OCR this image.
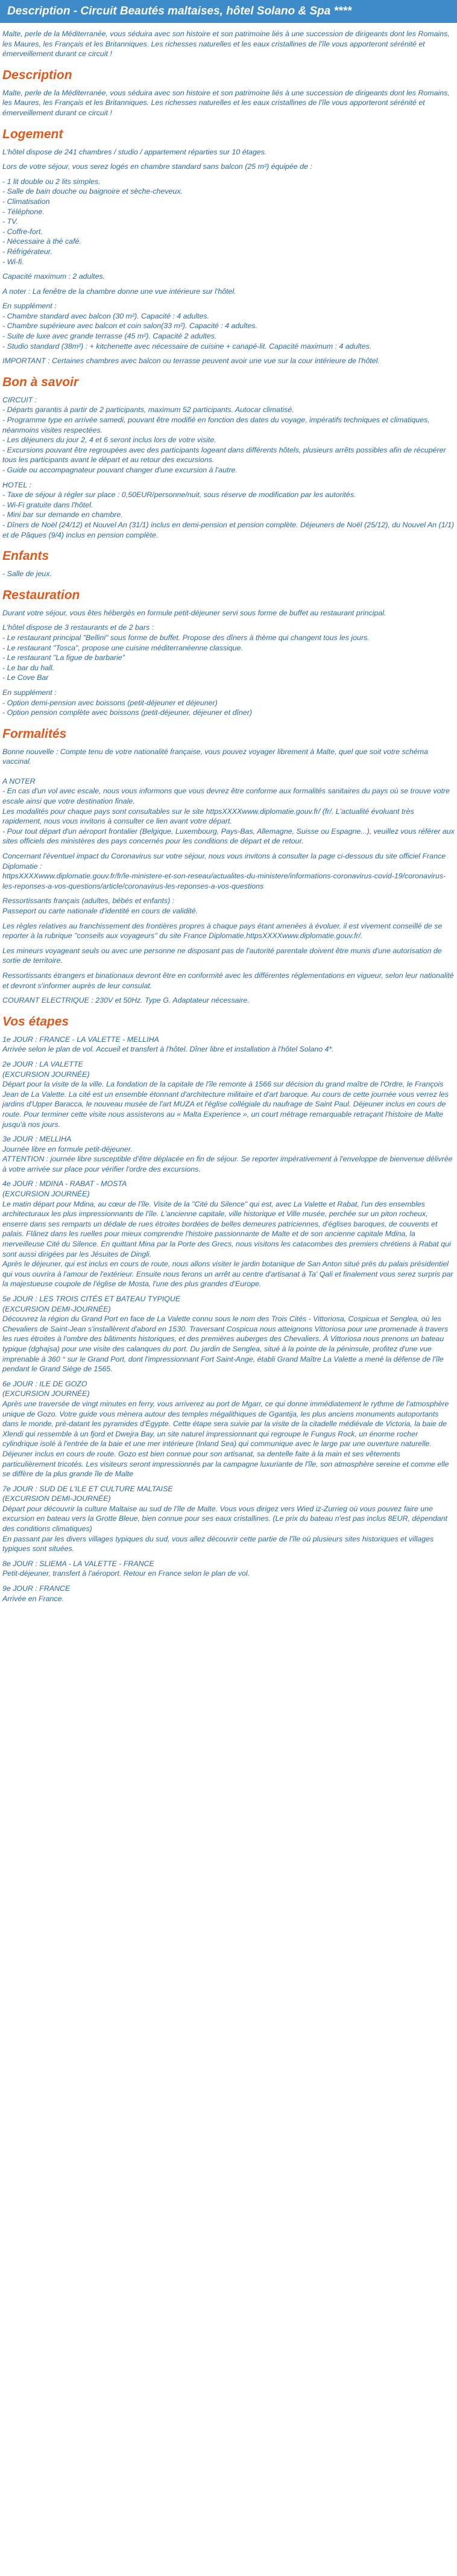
Description - Circuit Beautés maltaises, hôtel Solano & Spa ****
Malte, perle de la Méditerranée, vous séduira avec son histoire et son patrimoine liés à une succession de dirigeants dont les Romains, les Maures, les Français et les Britanniques. Les richesses naturelles et les eaux cristallines de l'île vous apporteront sérénité et émerveillement durant ce circuit !
Description
Malte, perle de la Méditerranée, vous séduira avec son histoire et son patrimoine liés à une succession de dirigeants dont les Romains, les Maures, les Français et les Britanniques. Les richesses naturelles et les eaux cristallines de l'île vous apporteront sérénité et émerveillement durant ce circuit !
Logement
L'hôtel dispose de 241 chambres / studio / appartement réparties sur 10 étages.
Lors de votre séjour, vous serez logés en chambre standard sans balcon (25 m²) équipée de :
- 1 lit double ou 2 lits simples.
- Salle de bain douche ou baignoire et sèche-cheveux.
- Climatisation
- Téléphone.
- TV.
- Coffre-fort.
- Nécessaire à thé café.
- Réfrigérateur.
- Wi-fi.
Capacité maximum : 2 adultes.
A noter : La fenêtre de la chambre donne une vue intérieure sur l'hôtel.
En supplément :
- Chambre standard avec balcon (30 m²). Capacité : 4 adultes.
- Chambre supérieure avec balcon et coin salon(33 m²). Capacité : 4 adultes.
- Suite de luxe avec grande terrasse (45 m²). Capacité 2 adultes.
- Studio standard (38m²) : + kitchenette avec nécessaire de cuisine + canapé-lit. Capacité maximum : 4 adultes.
IMPORTANT : Certaines chambres avec balcon ou terrasse peuvent avoir une vue sur la cour intérieure de l'hôtel.
Bon à savoir
CIRCUIT :
- Départs garantis à partir de 2 participants, maximum 52 participants. Autocar climatisé.
- Programme type en arrivée samedi, pouvant être modifié en fonction des dates du voyage, impératifs techniques et climatiques, néanmoins visites respectées.
- Les déjeuners du jour 2, 4 et 6 seront inclus lors de votre visite.
- Excursions pouvant être regroupées avec des participants logeant dans différents hôtels, plusieurs arrêts possibles afin de récupérer tous les participants avant le départ et au retour des excursions.
- Guide ou accompagnateur pouvant changer d'une excursion à l'autre.
HOTEL :
- Taxe de séjour à régler sur place : 0,50EUR/personne/nuit, sous réserve de modification par les autorités.
- Wi-Fi gratuite dans l'hôtel.
- Mini bar sur demande en chambre.
- Dîners de Noël (24/12) et Nouvel An (31/1) inclus en demi-pension et pension complète. Déjeuners de Noël (25/12), du Nouvel An (1/1) et de Pâques (9/4) inclus en pension complète.
Enfants
- Salle de jeux.
Restauration
Durant votre séjour, vous êtes hébergés en formule petit-déjeuner servi sous forme de buffet au restaurant principal.
L'hôtel dispose de 3 restaurants et de 2 bars :
- Le restaurant principal "Bellini" sous forme de buffet. Propose des dîners à thème qui changent tous les jours.
- Le restaurant "Tosca", propose une cuisine méditerranéenne classique.
- Le restaurant "La figue de barbarie"
- Le bar du hall.
- Le Cove Bar
En supplément :
- Option demi-pension avec boissons (petit-déjeuner et déjeuner)
- Option pension complète avec boissons (petit-déjeuner, déjeuner et dîner)
Formalités
Bonne nouvelle : Compte tenu de votre nationalité française, vous pouvez voyager librement à Malte, quel que soit votre schéma vaccinal.
A NOTER
- En cas d'un vol avec escale, nous vous informons que vous devrez être conforme aux formalités sanitaires du pays où se trouve votre escale ainsi que votre destination finale.
Les modalités pour chaque pays sont consultables sur le site httpsXXXXwww.diplomatie.gouv.fr/ (fr/. L'actualité évoluant très rapidement, nous vous invitons à consulter ce lien avant votre départ.
- Pour tout départ d'un aéroport frontalier (Belgique, Luxembourg, Pays-Bas, Allemagne, Suisse ou Espagne...), veuillez vous référer aux sites officiels des ministères des pays concernés pour les conditions de départ et de retour.
Concernant l'éventuel impact du Coronavirus sur votre séjour, nous vous invitons à consulter la page ci-dessous du site officiel France Diplomatie :
httpsXXXXwww.diplomatie.gouv.fr/fr/le-ministere-et-son-reseau/actualites-du-ministere/informations-coronavirus-covid-19/coronavirus-les-reponses-a-vos-questions/article/coronavirus-les-reponses-a-vos-questions
Ressortissants français (adultes, bébés et enfants) :
Passeport ou carte nationale d'identité en cours de validité.
Les règles relatives au franchissement des frontières propres à chaque pays étant amenées à évoluer, il est vivement conseillé de se reporter à la rubrique "conseils aux voyageurs" du site France Diplomatie,httpsXXXXwww.diplomatie.gouv.fr/.
Les mineurs voyageant seuls ou avec une personne ne disposant pas de l'autorité parentale doivent être munis d'une autorisation de sortie de territoire.
Ressortissants étrangers et binationaux devront être en conformité avec les différentes réglementations en vigueur, selon leur nationalité et devront s'informer auprès de leur consulat.
COURANT ELECTRIQUE : 230V et 50Hz. Type G. Adaptateur nécessaire.
Vos étapes
1e JOUR : FRANCE - LA VALETTE - MELLIHA
Arrivée selon le plan de vol. Accueil et transfert à l'hôtel. Dîner libre et installation à l'hôtel Solano 4*.
2e JOUR : LA VALETTE
(EXCURSION JOURNÉE)
Départ pour la visite de la ville. La fondation de la capitale de l'île remonte à 1566 sur décision du grand maître de l'Ordre, le François Jean de La Valette. La cité est un ensemble étonnant d'architecture militaire et d'art baroque. Au cours de cette journée vous verrez les jardins d'Upper Baracca, le nouveau musée de l'art MUZA et l'église collégiale du naufrage de Saint Paul. Déjeuner inclus en cours de route. Pour terminer cette visite nous assisterons au « Malta Experience », un court métrage remarquable retraçant l'histoire de Malte jusqu'à nos jours.
3e JOUR : MELLIHA
Journée libre en formule petit-déjeuner.
ATTENTION : journée libre susceptible d'être déplacée en fin de séjour. Se reporter impérativement à l'enveloppe de bienvenue délivrée à votre arrivée sur place pour vérifier l'ordre des excursions.
4e JOUR : MDINA - RABAT - MOSTA
(EXCURSION JOURNÉE)
Le matin départ pour Mdina, au cœur de l'île. Visite de la "Cité du Silence" qui est, avec La Valette et Rabat, l'un des ensembles architecturaux les plus impressionnants de l'île. L'ancienne capitale, ville historique et Ville musée, perchée sur un piton rocheux, enserre dans ses remparts un dédale de rues étroites bordées de belles demeures patriciennes, d'églises baroques, de couvents et palais. Flânez dans les ruelles pour mieux comprendre l'histoire passionnante de Malte et de son ancienne capitale Mdina, la merveilleuse Cité du Silence. En quittant Mina par la Porte des Grecs, nous visitons les catacombes des premiers chrétiens à Rabat qui sont aussi dirigées par les Jésuites de Dingli.
Après le déjeuner, qui est inclus en cours de route, nous allons visiter le jardin botanique de San Anton situé près du palais présidentiel qui vous ouvrira à l'amour de l'extérieur. Ensuite nous ferons un arrêt au centre d'artisanat à Ta' Qali et finalement vous serez surpris par la majestueuse coupole de l'église de Mosta, l'une des plus grandes d'Europe.
5e JOUR : LES TROIS CITÉS ET BATEAU TYPIQUE
(EXCURSION DEMI-JOURNÉE)
Découvrez la région du Grand Port en face de La Valette connu sous le nom des Trois Cités - Vittoriosa, Cospicua et Senglea, où les Chevaliers de Saint-Jean s'installèrent d'abord en 1530. Traversant Cospicua nous atteignons Vittoriosa pour une promenade à travers les rues étroites à l'ombre des bâtiments historiques, et des premières auberges des Chevaliers. À Vittoriosa nous prenons un bateau typique (dghajsa) pour une visite des calanques du port. Du jardin de Senglea, situé à la pointe de la péninsule, profitez d'une vue imprenable à 360 ° sur le Grand Port, dont l'impressionnant Fort Saint-Ange, établi Grand Maître La Valette a mené la défense de l'île pendant le Grand Siège de 1565.
6e JOUR : ILE DE GOZO
(EXCURSION JOURNÉE)
Après une traversée de vingt minutes en ferry, vous arriverez au port de Mgarr, ce qui donne immédiatement le rythme de l'atmosphère unique de Gozo. Votre guide vous mènera autour des temples mégalithiques de Ggantija, les plus anciens monuments autoportants dans le monde, pré-datant les pyramides d'Égypte. Cette étape sera suivie par la visite de la citadelle médiévale de Victoria, la baie de Xlendi qui ressemble à un fjord et Dwejra Bay, un site naturel impressionnant qui regroupe le Fungus Rock, un énorme rocher cylindrique isolé à l'entrée de la baie et une mer intérieure (Inland Sea) qui communique avec le large par une ouverture naturelle. Déjeuner inclus en cours de route. Gozo est bien connue pour son artisanat, sa dentelle faite à la main et ses vêtements particulièrement tricotés. Les visiteurs seront impressionnés par la campagne luxuriante de l'île, son atmosphère sereine et comme elle se diffère de la plus grande île de Malte
7e JOUR : SUD DE L'ILE ET CULTURE MALTAISE
(EXCURSION DEMI-JOURNÉE)
Départ pour découvrir la culture Maltaise au sud de l'île de Malte. Vous vous dirigez vers Wied iz-Zurrieg où vous pouvez faire une excursion en bateau vers la Grotte Bleue, bien connue pour ses eaux cristallines. (Le prix du bateau n'est pas inclus 8EUR, dépendant des conditions climatiques)
En passant par les divers villages typiques du sud, vous allez découvrir cette partie de l'île où plusieurs sites historiques et villages typiques sont situées.
8e JOUR : SLIEMA - LA VALETTE - FRANCE
Petit-déjeuner, transfert à l'aéroport. Retour en France selon le plan de vol.
9e JOUR : FRANCE
Arrivée en France.
